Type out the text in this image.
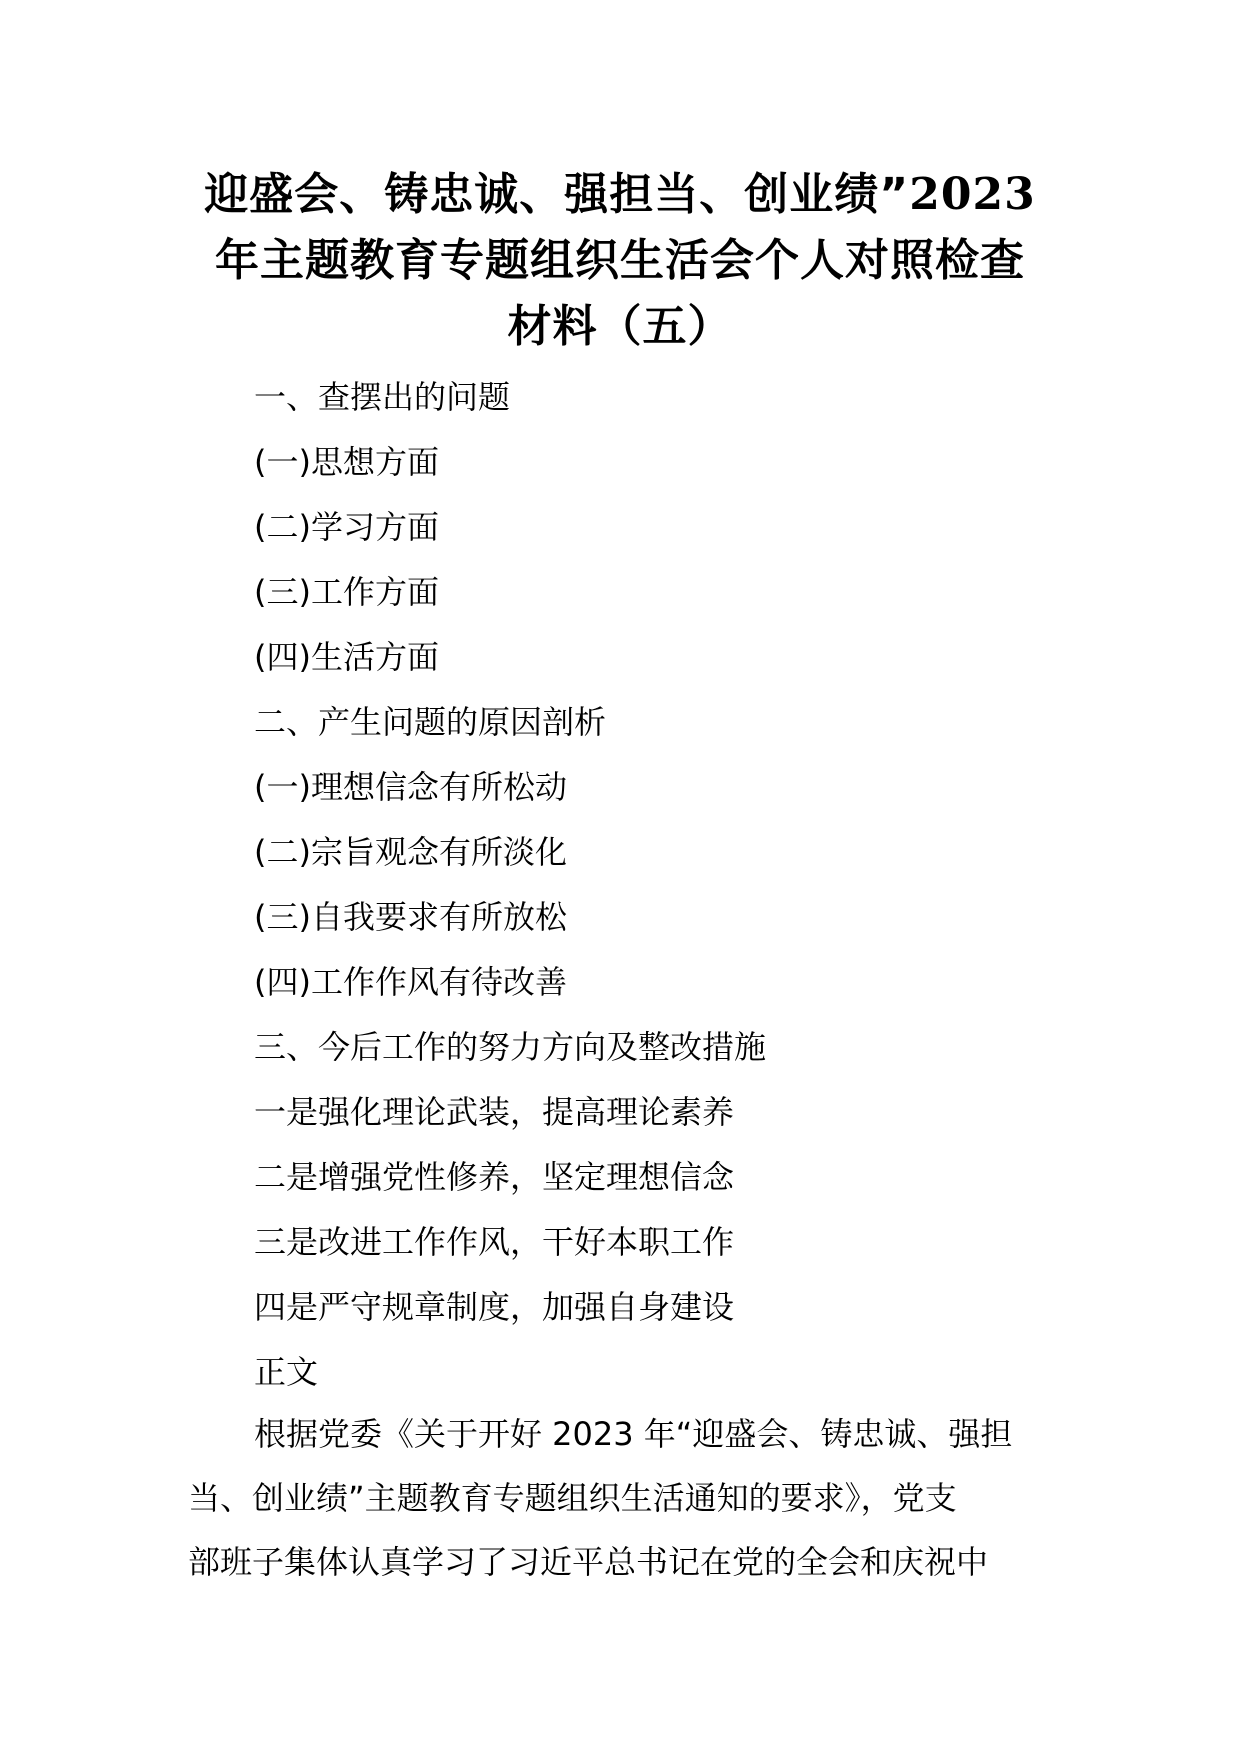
迎盛会、铸忠诚、强担当、创业绩”2023
年主题教育专题组织生活会个人对照检查
材料（五）
一、查摆出的问题
(一)思想方面
(二)学习方面
(三)工作方面
(四)生活方面
二、产生问题的原因剖析
(一)理想信念有所松动
(二)宗旨观念有所淡化
(三)自我要求有所放松
(四)工作作风有待改善
三、今后工作的努力方向及整改措施
一是强化理论武装，提高理论素养
二是增强党性修养，坚定理想信念
三是改进工作作风，干好本职工作
四是严守规章制度，加强自身建设
正文
根据党委《关于开好 2023 年“迎盛会、铸忠诚、强担
当、创业绩”主题教育专题组织生活通知的要求》，党支
部班子集体认真学习了习近平总书记在党的全会和庆祝中
